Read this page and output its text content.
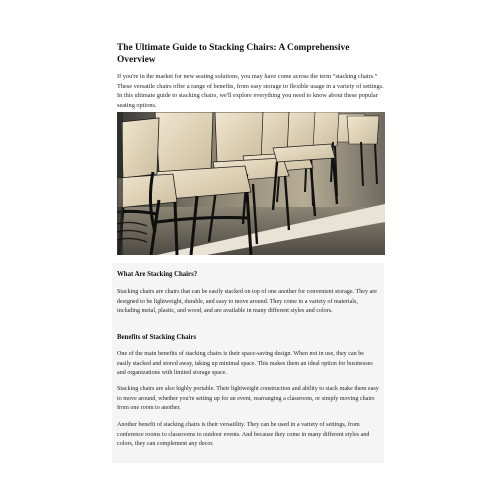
The Ultimate Guide to Stacking Chairs: A Comprehensive Overview

If you're in the market for new seating solutions, you may have come across the term “stacking chairs.” These versatile chairs offer a range of benefits, from easy storage to flexible usage in a variety of settings. In this ultimate guide to stacking chairs, we'll explore everything you need to know about these popular seating options.

What Are Stacking Chairs?

Stacking chairs are chairs that can be easily stacked on top of one another for convenient storage. They are designed to be lightweight, durable, and easy to move around. They come in a variety of materials, including metal, plastic, and wood, and are available in many different styles and colors.

Benefits of Stacking Chairs

One of the main benefits of stacking chairs is their space-saving design. When not in use, they can be easily stacked and stored away, taking up minimal space. This makes them an ideal option for businesses and organizations with limited storage space.

Stacking chairs are also highly portable. Their lightweight construction and ability to stack make them easy to move around, whether you're setting up for an event, rearranging a classroom, or simply moving chairs from one room to another.

Another benefit of stacking chairs is their versatility. They can be used in a variety of settings, from conference rooms to classrooms to outdoor events. And because they come in many different styles and colors, they can complement any decor.
